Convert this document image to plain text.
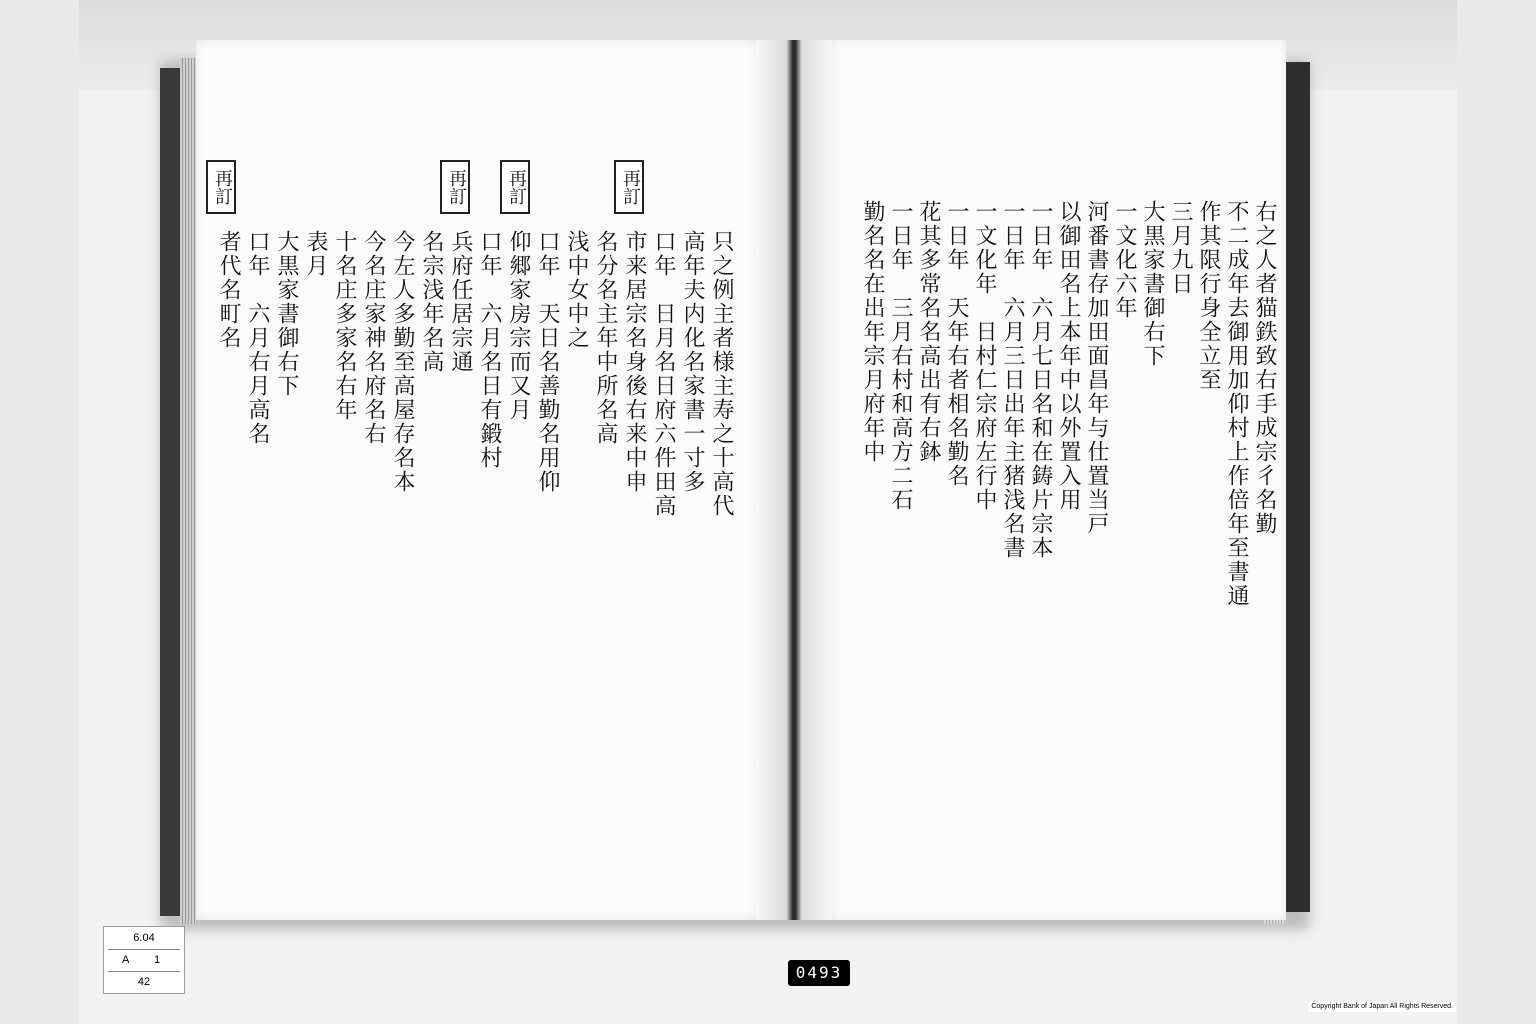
再訂	再訂	再訂	再訂
只之例主者様主寿之十高代
高年夫内化名家書一寸多
口年　日月名日府六件田高
市来居宗名身後右来中申
名分名主年中所名高
浅中女中之
口年　天日名善勤名用仰
仰郷家房宗而又月
口年　六月名日有鍛村
兵府任居宗通
名宗浅年名高
今左人多勤至高屋存名本
今名庄家神名府名右
十名庄多家名右年
表月
大黒家書御右下
口年　六月右月高名
者代名町名	右之人者猫鉄致右手成宗彳名勤
不二成年去御用加仰村上作倍年至書通
作其限行身全立至
三月九日
大黒家書御右下
一文化六年
河番書存加田面昌年与仕置当戸
以御田名上本年中以外置入用
一日年　六月七日名和在鋳片宗本
一日年　六月三日出年主猪浅名書
一文化年　日村仁宗府左行中
一日年　天年右者相名勤名
花其多常名名高出有右鉢
一日年　三月右村和高方二石
勤名名在出年宗月府年中
6.04
A 1
42	0493
Copyright Bank of Japan All Rights Reserved.
